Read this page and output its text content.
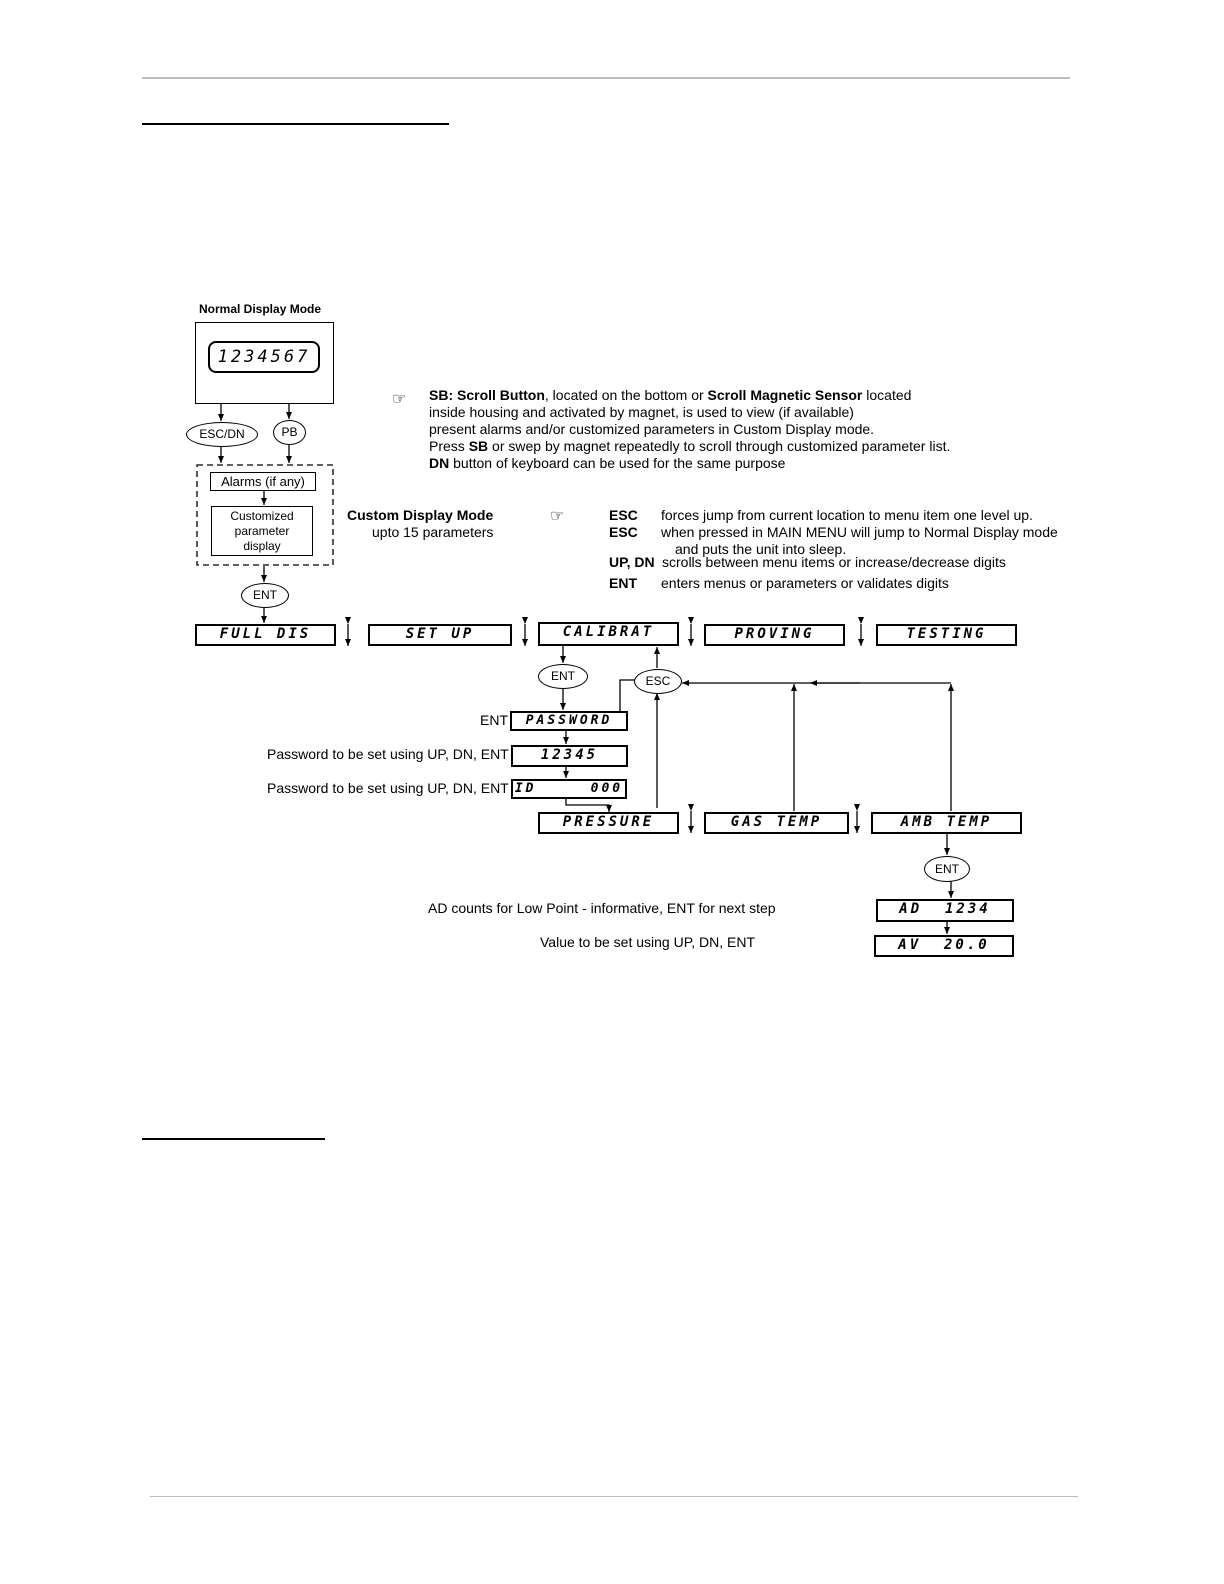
Normal Display Mode
1234567
ESC/DN	PB
Alarms (if any)
Customized parameter display
ENT
Custom Display Mode
upto 15 parameters
☞ SB: Scroll Button, located on the bottom or Scroll Magnetic Sensor located
inside housing and activated by magnet, is used to view (if available)
present alarms and/or customized parameters in Custom Display mode.
Press SB or swep by magnet repeatedly to scroll through customized parameter list.
DN button of keyboard can be used for the same purpose
☞	ESC forces jump from current location to menu item one level up.
ESC when pressed in MAIN MENU will jump to Normal Display mode
and puts the unit into sleep.
UP, DN scrolls between menu items or increase/decrease digits
ENT enters menus or parameters or validates digits
FULL DIS	SET UP	CALIBRAT	PROVING	TESTING
ENT	ESC
ENT	PASSWORD
Password to be set using UP, DN, ENT	12345
Password to be set using UP, DN, ENT ID     000
PRESSURE	GAS TEMP	AMB TEMP
ENT
AD counts for Low Point - informative, ENT for next step	AD  1234
Value to be set using UP, DN, ENT	AV  20.0
